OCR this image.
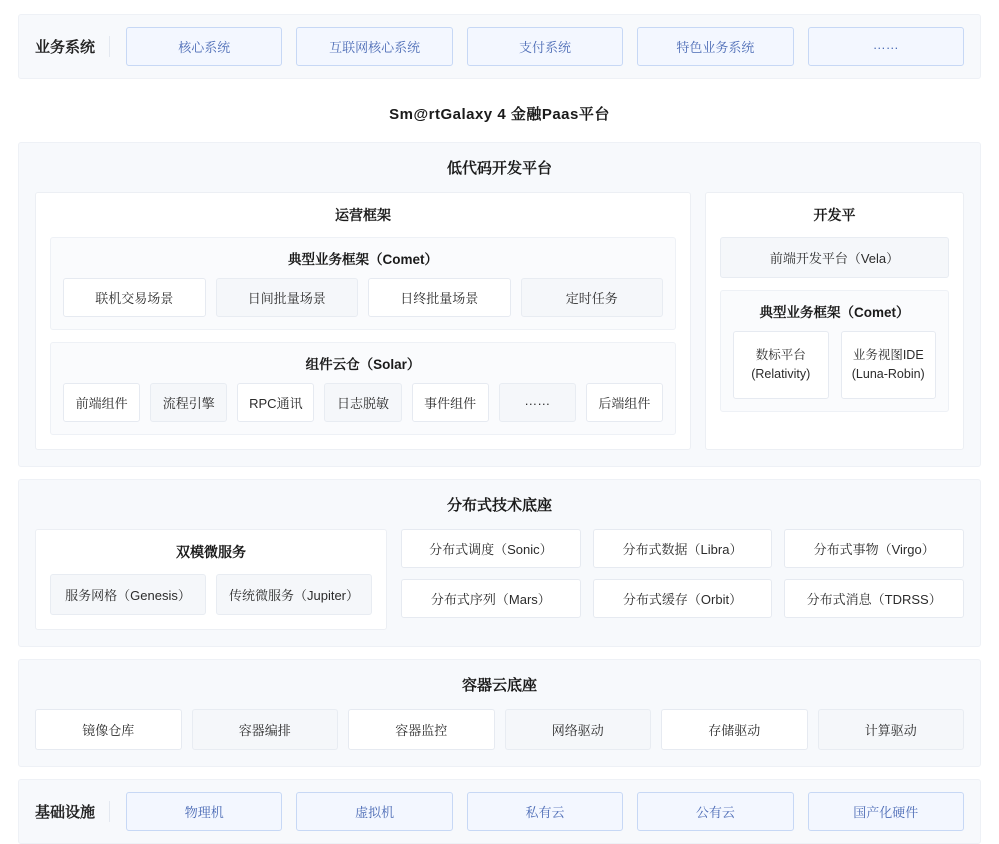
业务系统	核心系统	互联网核心系统	支付系统	特色业务系统	……
Sm@rtGalaxy 4 金融Paas平台
低代码开发平台
运营框架
典型业务框架（Comet）
联机交易场景	日间批量场景	日终批量场景	定时任务
组件云仓（Solar）
前端组件	流程引擎	RPC通讯	日志脱敏	事件组件	……	后端组件
开发平
前端开发平台（Vela）
典型业务框架（Comet）
数标平台
(Relativity)
业务视图IDE
(Luna-Robin)
分布式技术底座
双模微服务
服务网格（Genesis）	传统微服务（Jupiter）
分布式调度（Sonic）	分布式数据（Libra）	分布式事物（Virgo）
分布式序列（Mars）	分布式缓存（Orbit）	分布式消息（TDRSS）
容器云底座
镜像仓库	容器编排	容器监控	网络驱动	存储驱动	计算驱动
基础设施	物理机	虚拟机	私有云	公有云	国产化硬件
